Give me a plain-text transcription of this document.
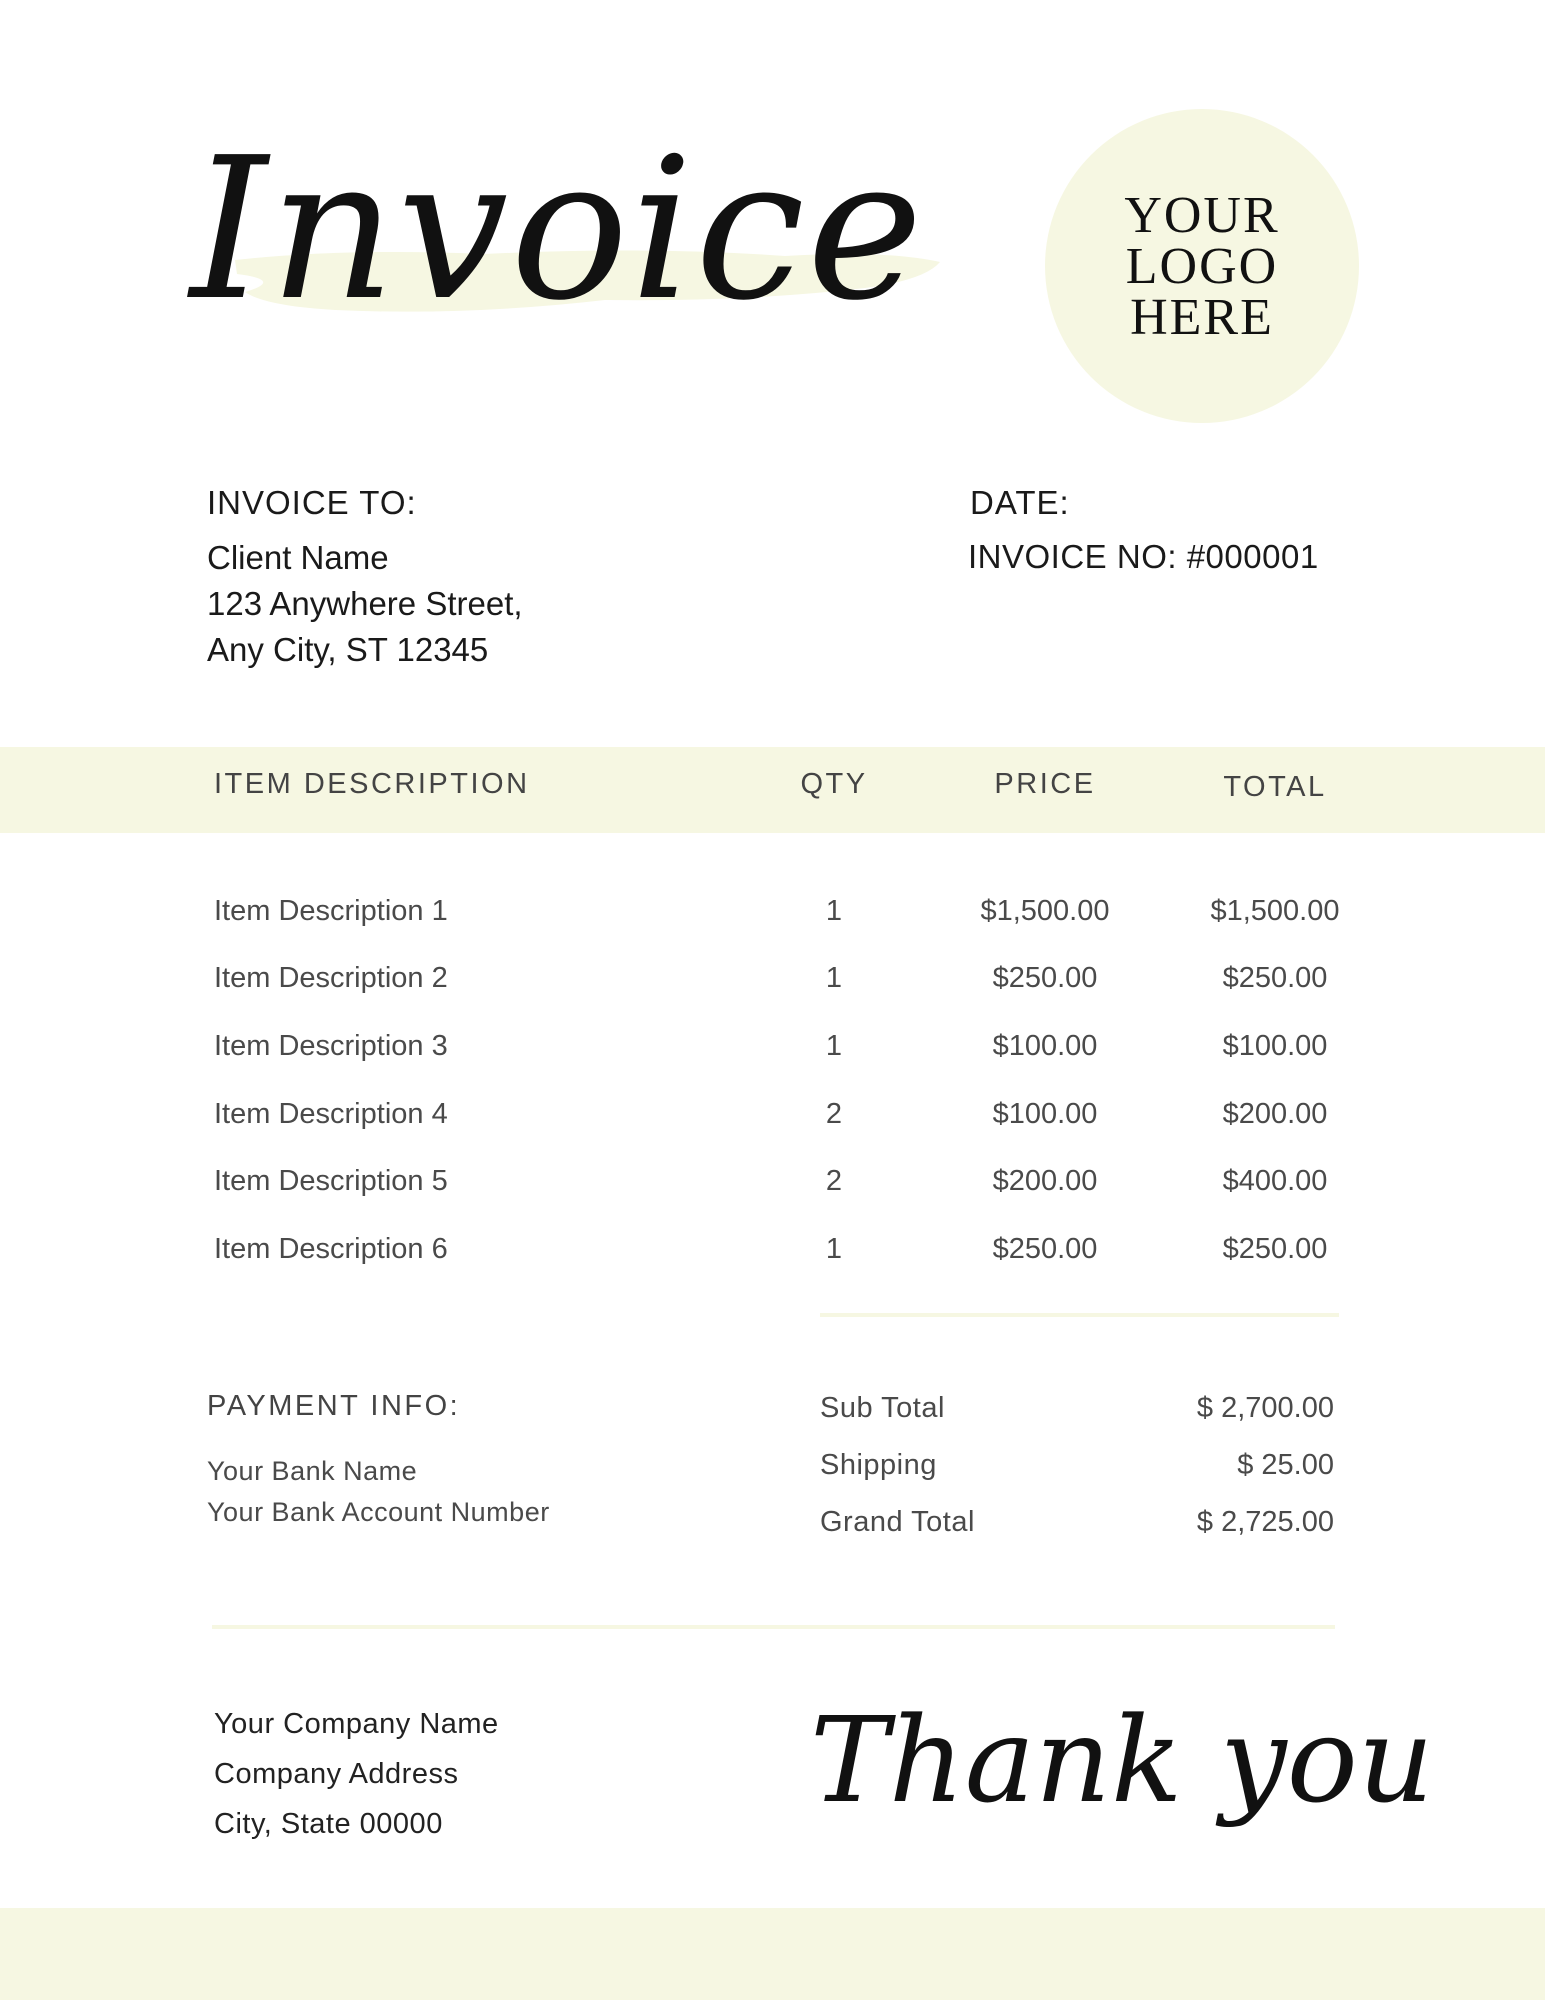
Invoice	YOUR
LOGO
HERE
INVOICE TO:
Client Name
123 Anywhere Street,
Any City, ST 12345
DATE:
INVOICE NO: #000001
ITEM DESCRIPTION	QTY	PRICE	TOTAL
Item Description 1	1	$1,500.00	$1,500.00
Item Description 2	1	$250.00	$250.00
Item Description 3	1	$100.00	$100.00
Item Description 4	2	$100.00	$200.00
Item Description 5	2	$200.00	$400.00
Item Description 6	1	$250.00	$250.00
PAYMENT INFO:
Your Bank Name
Your Bank Account Number
Sub Total	$ 2,700.00
Shipping	$ 25.00
Grand Total	$ 2,725.00
Your Company Name
Company Address
City, State 00000	Thank you
